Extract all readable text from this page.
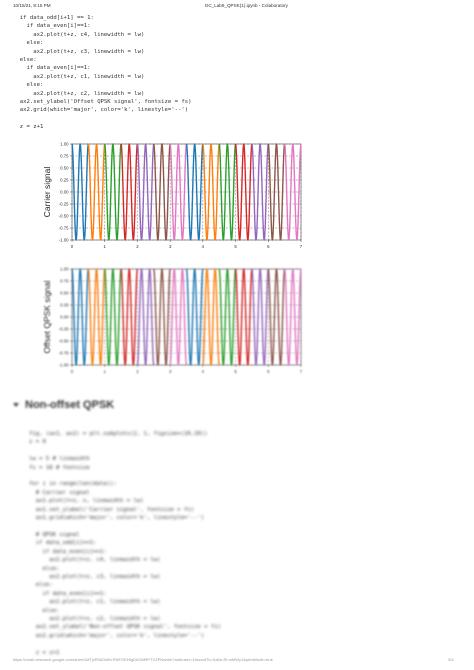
10/15/21, 8:15 PM	DC_Lab9_QPSK(1).ipynb - Colaboratory
if data_odd[i+1] == 1:
if data_even[i]==1:
ax2.plot(t+z, c4, linewidth = lw)
else:
ax2.plot(t+z, c3, linewidth = lw)
else:
if data_even[i]==1:
ax2.plot(t+z, c1, linewidth = lw)
else:
ax2.plot(t+z, c2, linewidth = lw)
ax2.set_ylabel('Offset QPSK signal', fontsize = fs)
ax2.grid(which='major', color='k', linestyle='--')

z = z+1
1.00
0.75
0.50
0.25
0.00
-0.25
-0.50
-0.75
-1.00
0	1	2	3	4	5	6	7
Carrier signal
1.00
0.75
0.50
0.25
0.00
-0.25
-0.50
-0.75
-1.00
0	1	2	3	4	5	6	7
Offset QPSK signal
Non-offset QPSK
fig, (ax1, ax2) = plt.subplots(2, 1, figsize=(10,10))
z = 0

lw = 5 # linewidth
fs = 18 # fontsize

for i in range(len(data)):
# Carrier signal
ax1.plot(t+z, x, linewidth = lw)
ax1.set_ylabel('Carrier signal', fontsize = fs)
ax1.grid(which='major', color='k', linestyle='--')

# QPSK signal
if data_odd[i]==1:
if data_even[i]==1:
ax2.plot(t+z, c4, linewidth = lw)
else:
ax2.plot(t+z, c3, linewidth = lw)
else:
if data_even[i]==1:
ax2.plot(t+z, c1, linewidth = lw)
else:
ax2.plot(t+z, c2, linewidth = lw)
ax2.set_ylabel('Non-offset QPSK signal', fontsize = fs)
ax2.grid(which='major', color='k', linestyle='--')

z = z+1
https://colab.research.google.com/drive/1MTjvRVkDkfhLRNFGEHtgDhGMRPTVZPNwvhk?authuser=1#scrollTo=Sa0e-RLmMWy1&printMode=true	3/4
